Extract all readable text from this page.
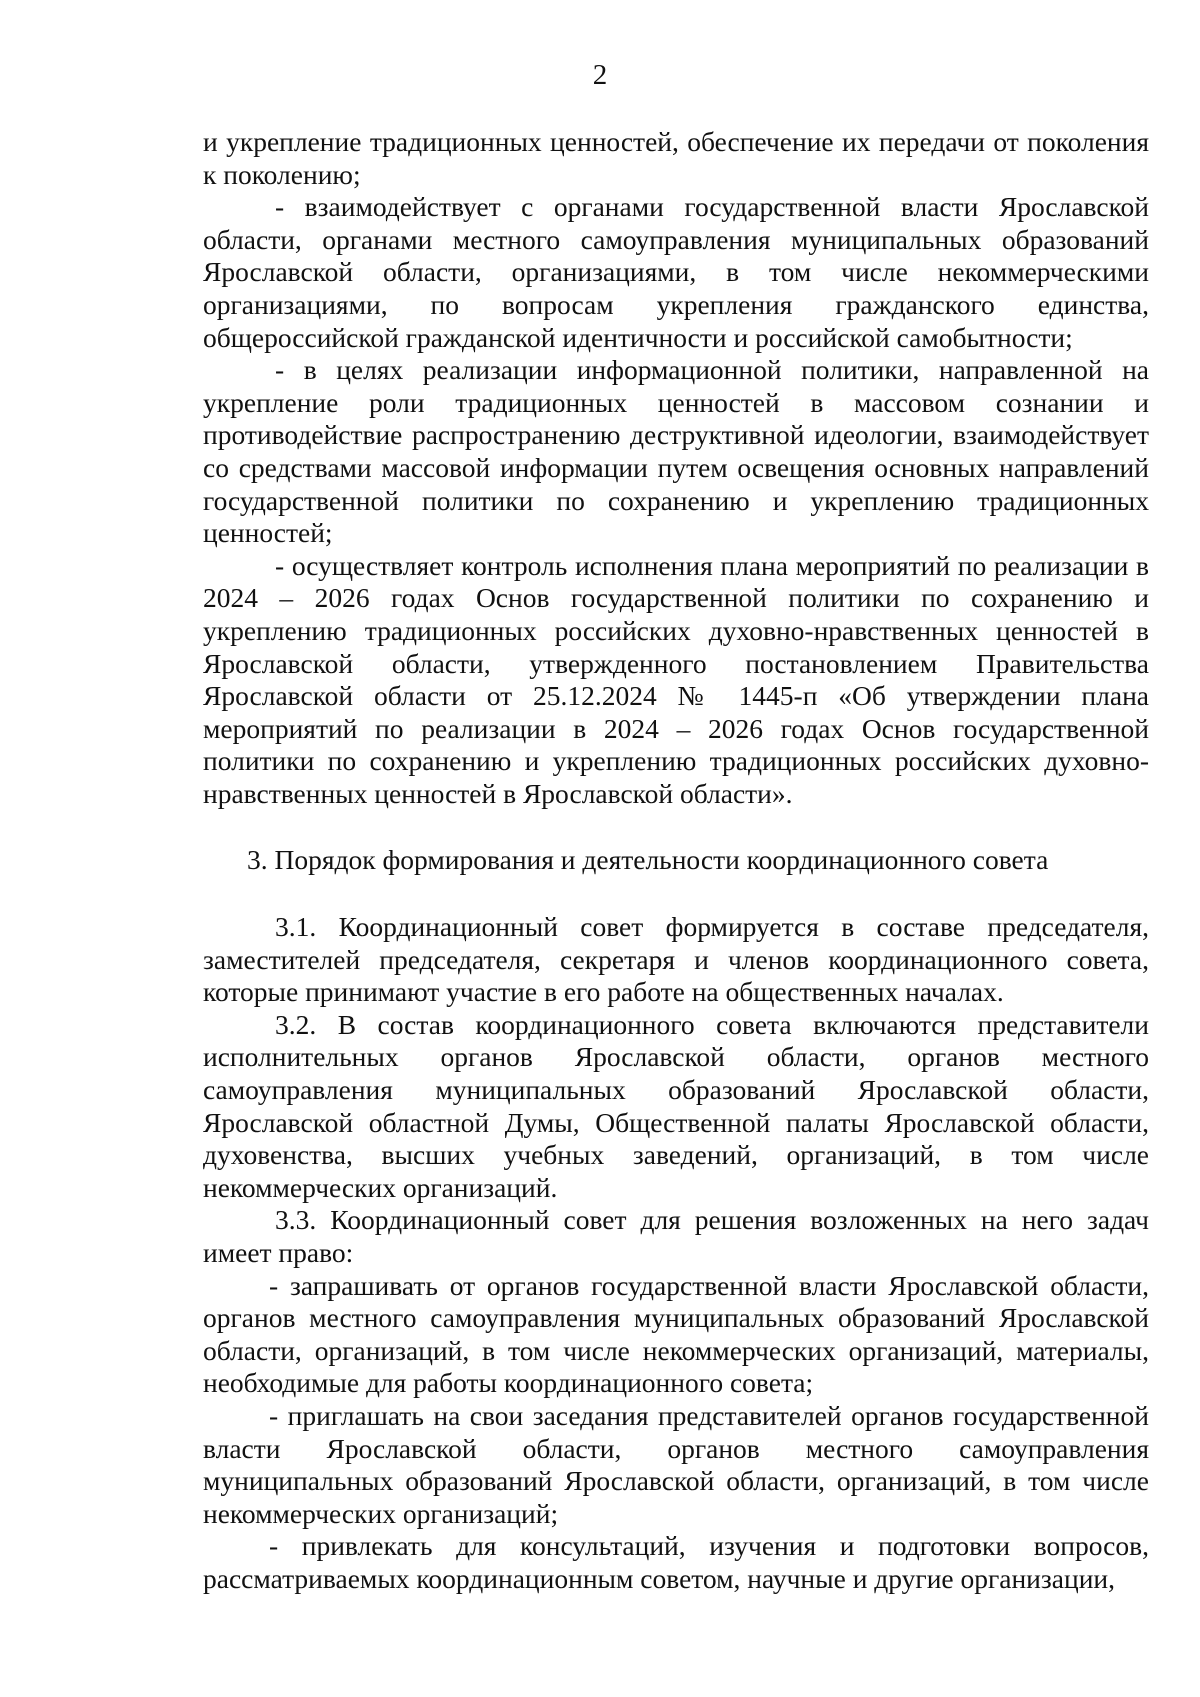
2

и укрепление традиционных ценностей, обеспечение их передачи от поколения к поколению;

- взаимодействует с органами государственной власти Ярославской области, органами местного самоуправления муниципальных образований Ярославской области, организациями, в том числе некоммерческими организациями, по вопросам укрепления гражданского единства, общероссийской гражданской идентичности и российской самобытности;

- в целях реализации информационной политики, направленной на укрепление роли традиционных ценностей в массовом сознании и противодействие распространению деструктивной идеологии, взаимодействует со средствами массовой информации путем освещения основных направлений государственной политики по сохранению и укреплению традиционных ценностей;

- осуществляет контроль исполнения плана мероприятий по реализации в 2024 – 2026 годах Основ государственной политики по сохранению и укреплению традиционных российских духовно-нравственных ценностей в Ярославской области, утвержденного постановлением Правительства Ярославской области от 25.12.2024 № 1445-п «Об утверждении плана мероприятий по реализации в 2024 – 2026 годах Основ государственной политики по сохранению и укреплению традиционных российских духовно-нравственных ценностей в Ярославской области».

3. Порядок формирования и деятельности координационного совета

3.1. Координационный совет формируется в составе председателя, заместителей председателя, секретаря и членов координационного совета, которые принимают участие в его работе на общественных началах.

3.2. В состав координационного совета включаются представители исполнительных органов Ярославской области, органов местного самоуправления муниципальных образований Ярославской области, Ярославской областной Думы, Общественной палаты Ярославской области, духовенства, высших учебных заведений, организаций, в том числе некоммерческих организаций.

3.3. Координационный совет для решения возложенных на него задач имеет право:

- запрашивать от органов государственной власти Ярославской области, органов местного самоуправления муниципальных образований Ярославской области, организаций, в том числе некоммерческих организаций, материалы, необходимые для работы координационного совета;

- приглашать на свои заседания представителей органов государственной власти Ярославской области, органов местного самоуправления муниципальных образований Ярославской области, организаций, в том числе некоммерческих организаций;

- привлекать для консультаций, изучения и подготовки вопросов, рассматриваемых координационным советом, научные и другие организации,
